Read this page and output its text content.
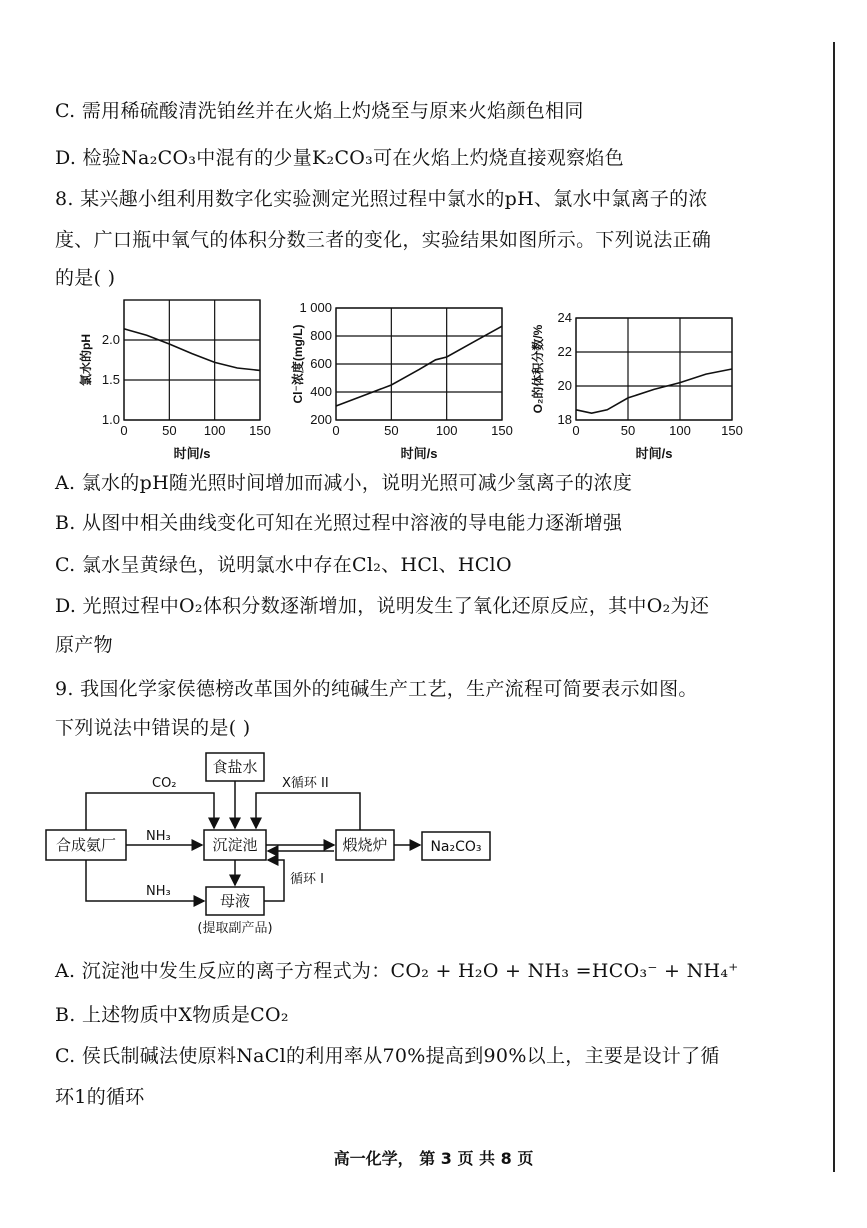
C. 需用稀硫酸清洗铂丝并在火焰上灼烧至与原来火焰颜色相同
D. 检验Na₂CO₃中混有的少量K₂CO₃可在火焰上灼烧直接观察焰色
8. 某兴趣小组利用数字化实验测定光照过程中氯水的pH、氯水中氯离子的浓
度、广口瓶中氧气的体积分数三者的变化，实验结果如图所示。下列说法正确
的是( )
0	50 100 150
1.0
1.5
2.0
时间/s
氯水的pH
0	50	100	150
200
400
600
800
1 000
时间/s
Cl⁻浓度(mg/L)
0	50	100 150
18
20
22
24
时间/s
O₂的体积分数/%
A. 氯水的pH随光照时间增加而减小，说明光照可减少氢离子的浓度
B. 从图中相关曲线变化可知在光照过程中溶液的导电能力逐渐增强
C. 氯水呈黄绿色，说明氯水中存在Cl₂、HCl、HClO
D. 光照过程中O₂体积分数逐渐增加，说明发生了氧化还原反应，其中O₂为还
原产物
9. 我国化学家侯德榜改革国外的纯碱生产工艺，生产流程可简要表示如图。
下列说法中错误的是( )
合成氨厂
食盐水
沉淀池	煅烧炉	Na₂CO₃
母液
(提取副产品)
CO₂
NH₃
NH₃
X循环 II
循环 I
A. 沉淀池中发生反应的离子方程式为：CO₂ + H₂O + NH₃ =HCO₃⁻ + NH₄⁺
B. 上述物质中X物质是CO₂
C. 侯氏制碱法使原料NaCl的利用率从70%提高到90%以上，主要是设计了循
环1的循环
高一化学， 第 3 页 共 8 页
